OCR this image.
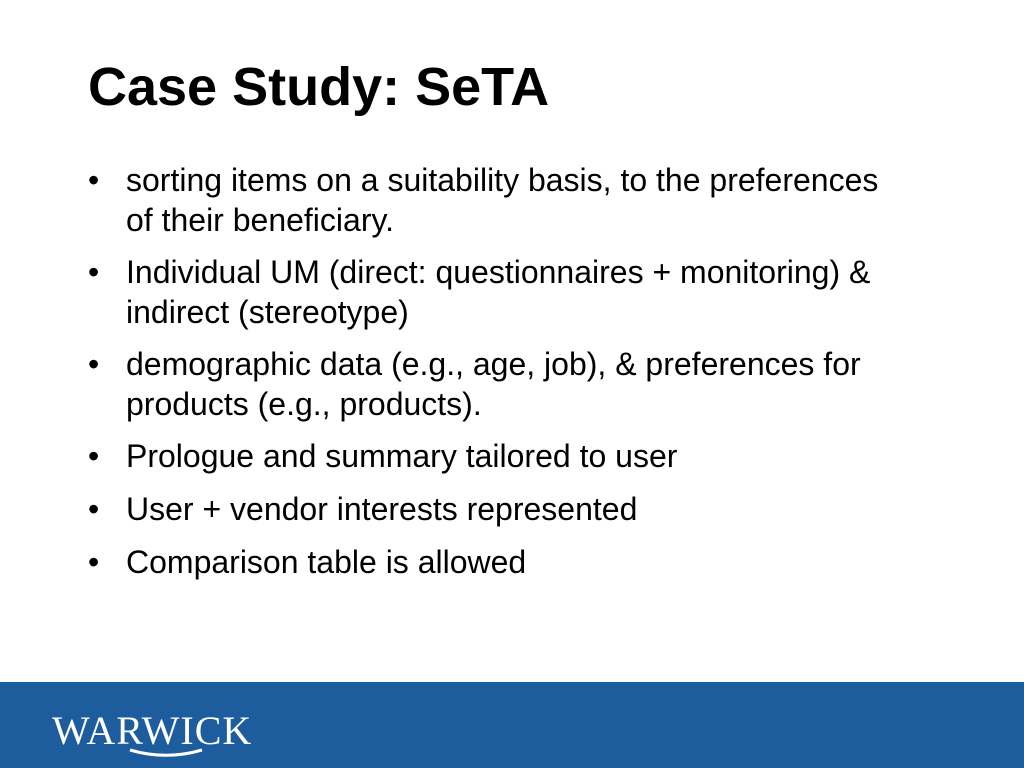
Case Study: SeTA
• sorting items on a suitability basis, to the preferences of their beneficiary.
• Individual UM (direct: questionnaires + monitoring) & indirect (stereotype)
• demographic data (e.g., age, job), & preferences for products (e.g., products).
• Prologue and summary tailored to user
• User + vendor interests represented
• Comparison table is allowed
WARWICK
